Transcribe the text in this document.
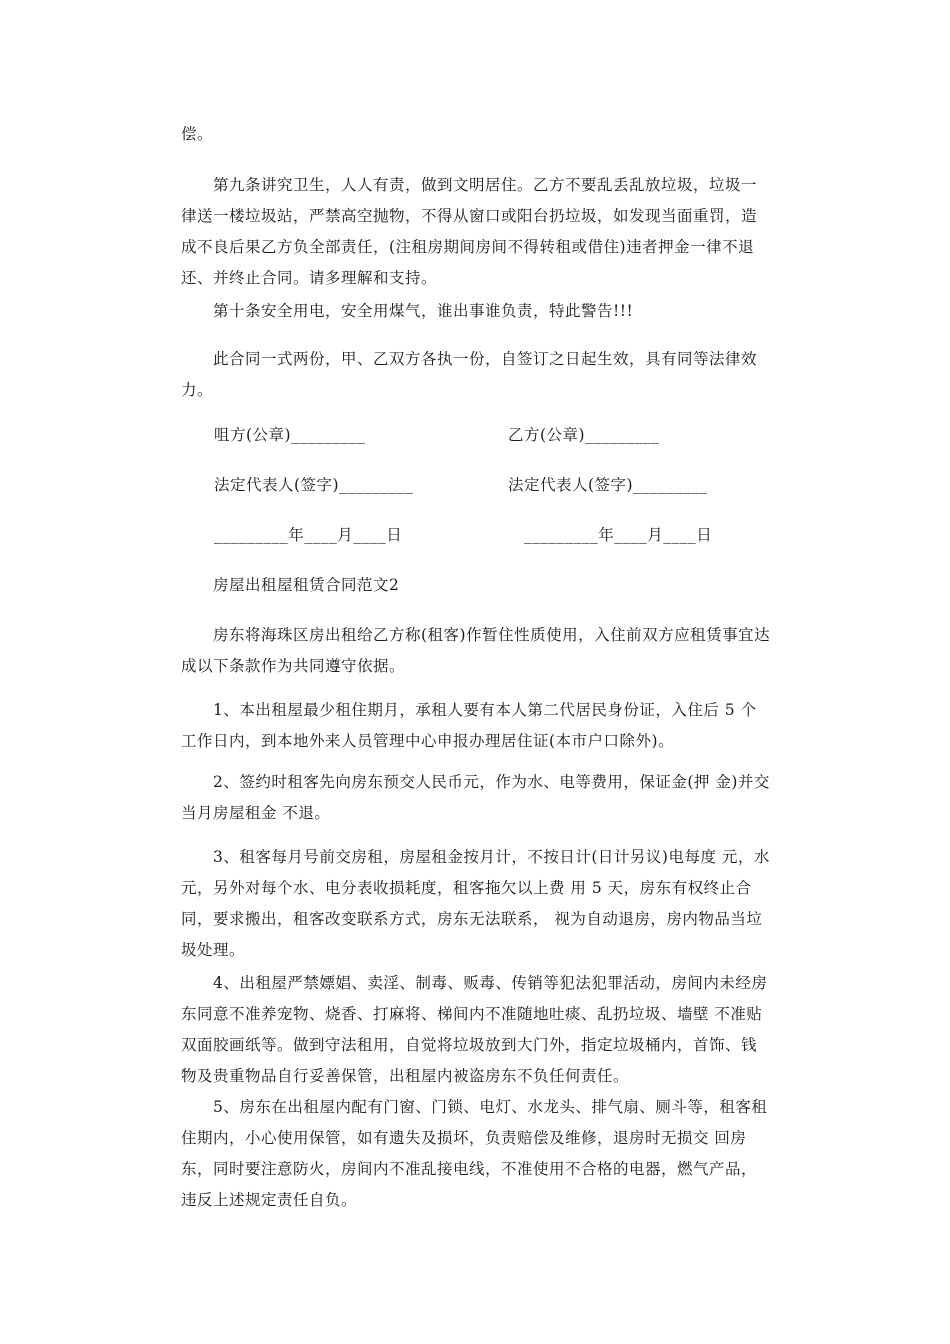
偿。

第九条讲究卫生，人人有责，做到文明居住。乙方不要乱丢乱放垃圾，垃圾一律送一楼垃圾站，严禁高空抛物，不得从窗口或阳台扔垃圾，如发现当面重罚，造成不良后果乙方负全部责任，(注租房期间房间不得转租或借住)违者押金一律不退还、并终止合同。请多理解和支持。

第十条安全用电，安全用煤气，谁出事谁负责，特此警告!!!

此合同一式两份，甲、乙双方各执一份，自签订之日起生效，具有同等法律效力。

咀方(公章)_________	乙方(公章)_________
法定代表人(签字)_________	法定代表人(签字)_________
_________年____月____日	_________年____月____日

房屋出租屋租赁合同范文2

房东将海珠区房出租给乙方称(租客)作暂住性质使用，入住前双方应租赁事宜达成以下条款作为共同遵守依据。

1、本出租屋最少租住期月，承租人要有本人第二代居民身份证，入住后 5 个工作日内，到本地外来人员管理中心申报办理居住证(本市户口除外)。

2、签约时租客先向房东预交人民币元，作为水、电等费用，保证金(押 金)并交当月房屋租金 不退。

3、租客每月号前交房租，房屋租金按月计，不按日计(日计另议)电每度 元，水元，另外对每个水、电分表收损耗度，租客拖欠以上费 用 5 天，房东有权终止合同，要求搬出，租客改变联系方式，房东无法联系， 视为自动退房，房内物品当垃圾处理。

4、出租屋严禁嫖娼、卖淫、制毒、贩毒、传销等犯法犯罪活动，房间内未经房 东同意不准养宠物、烧香、打麻将、梯间内不准随地吐痰、乱扔垃圾、墙壁 不准贴双面胶画纸等。做到守法租用，自觉将垃圾放到大门外，指定垃圾桶内，首饰、钱物及贵重物品自行妥善保管，出租屋内被盗房东不负任何责任。

5、房东在出租屋内配有门窗、门锁、电灯、水龙头、排气扇、厕斗等，租客租 住期内，小心使用保管，如有遗失及损坏，负责赔偿及维修，退房时无损交 回房东，同时要注意防火，房间内不准乱接电线，不准使用不合格的电器，燃气产品，违反上述规定责任自负。
